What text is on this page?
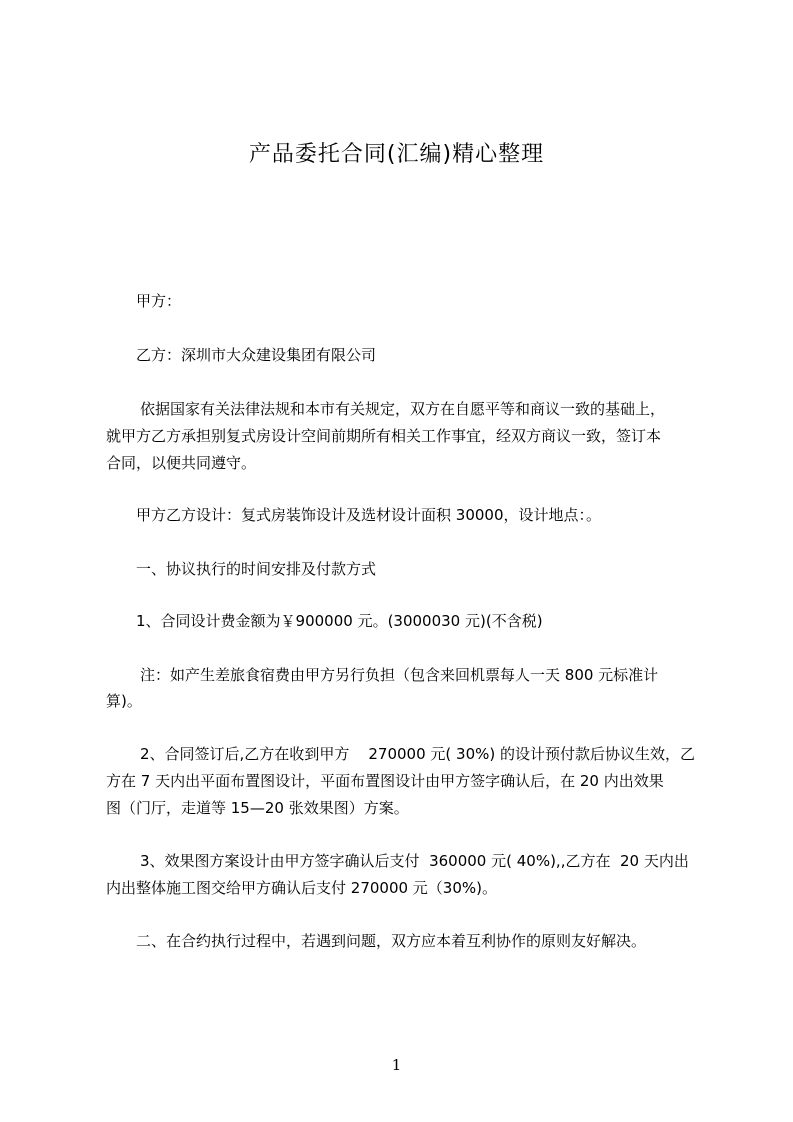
产品委托合同(汇编)精心整理
甲方：
乙方：深圳市大众建设集团有限公司
依据国家有关法律法规和本市有关规定，双方在自愿平等和商议一致的基础上，
就甲方乙方承担别复式房设计空间前期所有相关工作事宜，经双方商议一致，签订本
合同，以便共同遵守。
甲方乙方设计：复式房装饰设计及选材设计面积 30000，设计地点：。
一、协议执行的时间安排及付款方式
1、合同设计费金额为￥900000 元。(3000030 元)(不含税)
注：如产生差旅食宿费由甲方另行负担（包含来回机票每人一天 800 元标准计
算)。
2、合同签订后,乙方在收到甲方    270000 元( 30%) 的设计预付款后协议生效，乙
方在 7 天内出平面布置图设计，平面布置图设计由甲方签字确认后，在 20 内出效果
图（门厅，走道等 15—20 张效果图）方案。
3、效果图方案设计由甲方签字确认后支付  360000 元( 40%),,乙方在  20 天内出
内出整体施工图交给甲方确认后支付 270000 元（30%)。
二、在合约执行过程中，若遇到问题，双方应本着互利协作的原则友好解决。
1
